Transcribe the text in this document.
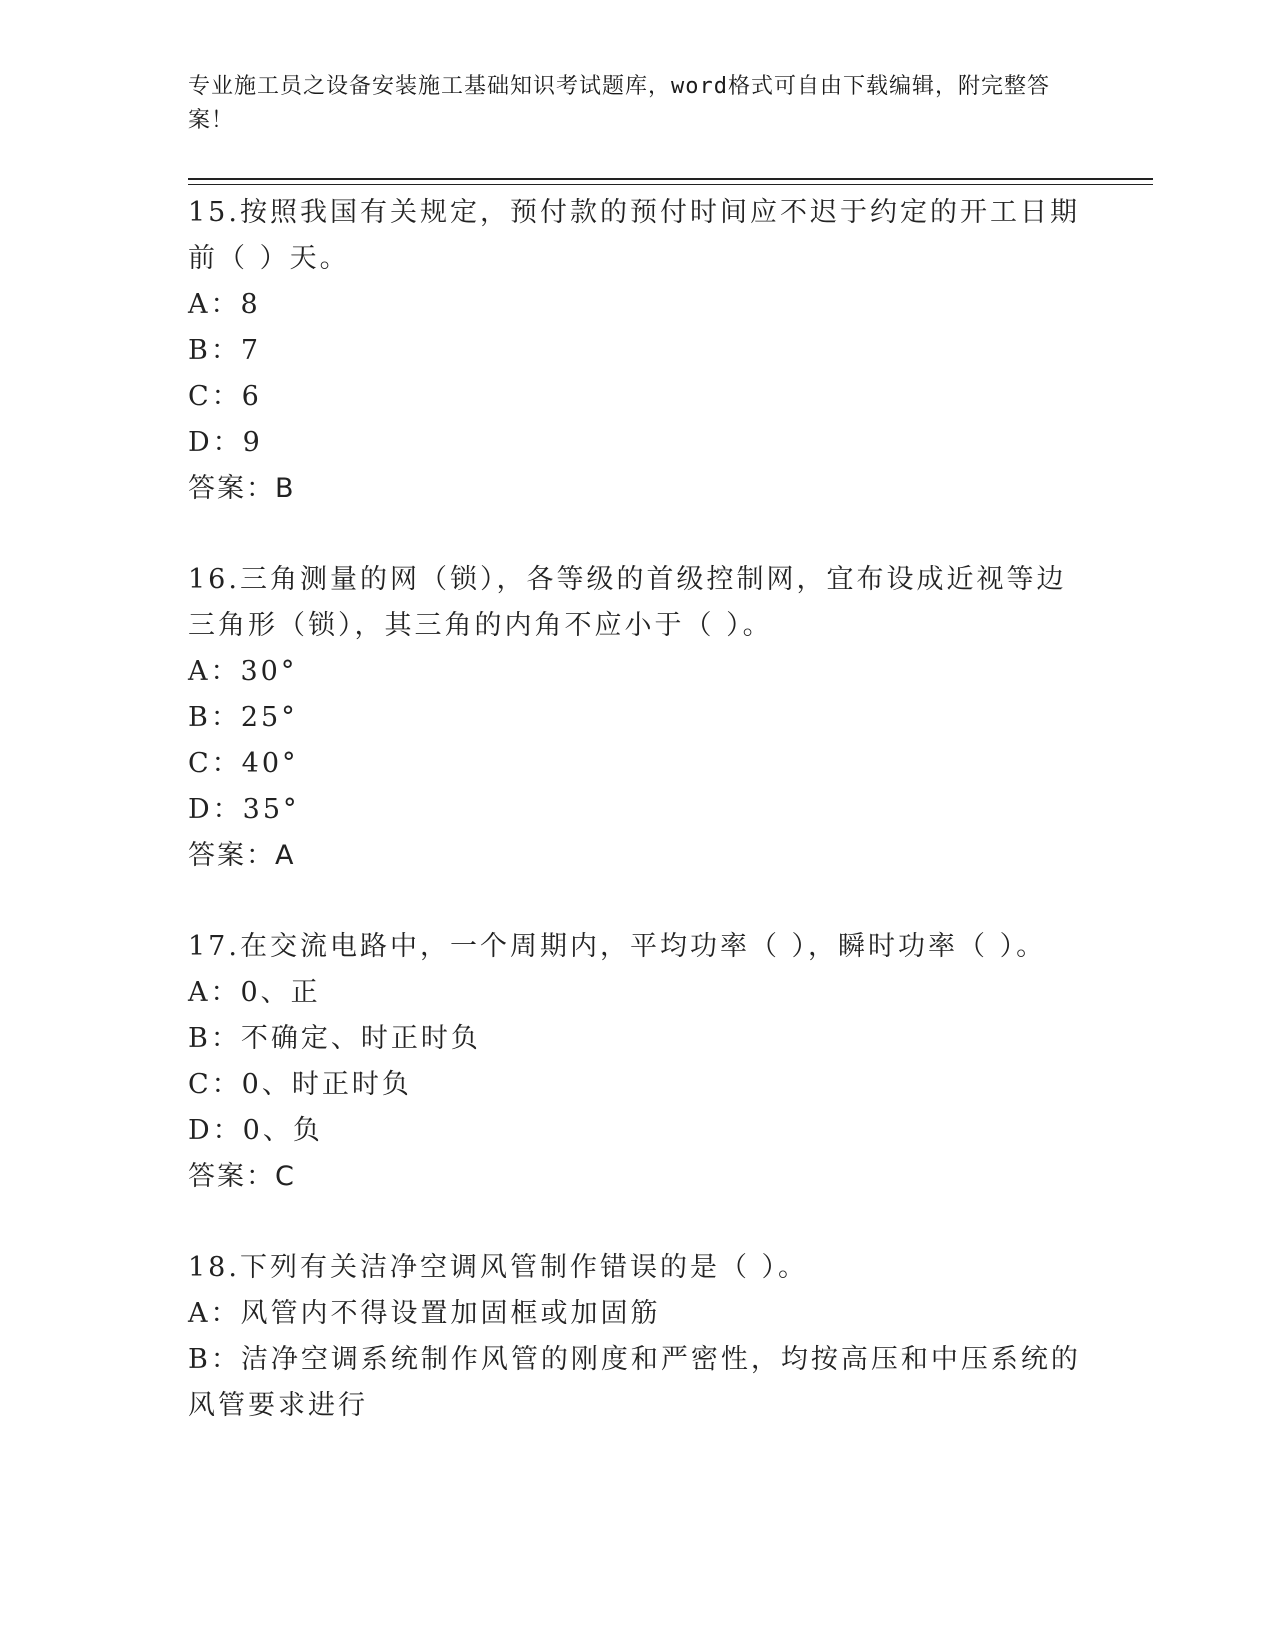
专业施工员之设备安装施工基础知识考试题库，word格式可自由下载编辑，附完整答案！

15.按照我国有关规定，预付款的预付时间应不迟于约定的开工日期前（ ）天。

A：8

B：7

C：6

D：9

答案：B

16.三角测量的网（锁），各等级的首级控制网，宜布设成近视等边三角形（锁），其三角的内角不应小于（ ）。

A：30°

B：25°

C：40°

D：35°

答案：A

17.在交流电路中，一个周期内，平均功率（ ），瞬时功率（ ）。

A：0、正

B：不确定、时正时负

C：0、时正时负

D：0、负

答案：C

18.下列有关洁净空调风管制作错误的是（ ）。

A：风管内不得设置加固框或加固筋

B：洁净空调系统制作风管的刚度和严密性，均按高压和中压系统的风管要求进行
